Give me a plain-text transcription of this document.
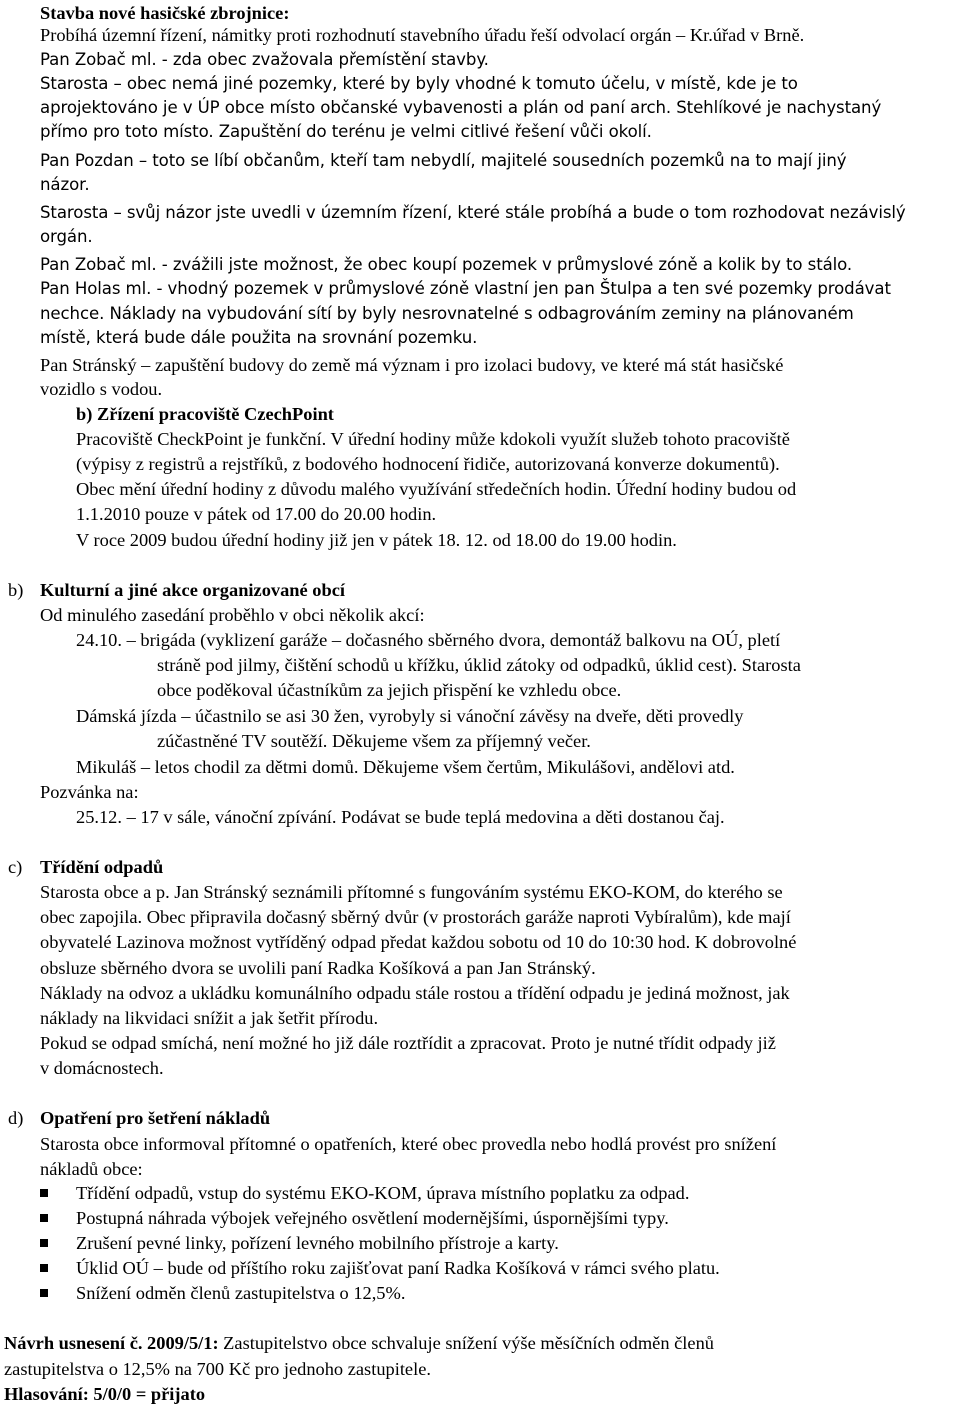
Stavba nové hasičské zbrojnice:
Probíhá územní řízení, námitky proti rozhodnutí stavebního úřadu řeší odvolací orgán – Kr.úřad v Brně.
Pan Zobač ml. - zda obec zvažovala přemístění stavby.
Starosta – obec nemá jiné pozemky, které by byly vhodné k tomuto účelu, v místě, kde je to
aprojektováno je v ÚP obce místo občanské vybavenosti a plán od paní arch. Stehlíkové je nachystaný
přímo pro toto místo. Zapuštění do terénu je velmi citlivé řešení vůči okolí.
Pan Pozdan – toto se líbí občanům, kteří tam nebydlí, majitelé sousedních pozemků na to mají jiný
názor.
Starosta – svůj názor jste uvedli v územním řízení, které stále probíhá a bude o tom rozhodovat nezávislý
orgán.
Pan Zobač ml. - zvážili jste možnost, že obec koupí pozemek v průmyslové zóně a kolik by to stálo.
Pan Holas ml. - vhodný pozemek v průmyslové zóně vlastní jen pan Štulpa a ten své pozemky prodávat
nechce. Náklady na vybudování sítí by byly nesrovnatelné s odbagrováním zeminy na plánovaném
místě, která bude dále použita na srovnání pozemku.
Pan Stránský – zapuštění budovy do země má význam i pro izolaci budovy, ve které má stát hasičské
vozidlo s vodou.
b) Zřízení pracoviště CzechPoint
Pracoviště CheckPoint je funkční. V úřední hodiny může kdokoli využít služeb tohoto pracoviště
(výpisy z registrů a rejstříků, z bodového hodnocení řidiče, autorizovaná konverze dokumentů).
Obec mění úřední hodiny z důvodu malého využívání středečních hodin. Úřední hodiny budou od
1.1.2010 pouze v pátek od 17.00 do 20.00 hodin.
V roce 2009 budou úřední hodiny již jen v pátek 18. 12. od 18.00 do 19.00 hodin.
b) Kulturní a jiné akce organizované obcí
Od minulého zasedání proběhlo v obci několik akcí:
24.10. – brigáda (vyklizení garáže – dočasného sběrného dvora, demontáž balkovu na OÚ, pletí
stráně pod jilmy, čištění schodů u křížku, úklid zátoky od odpadků, úklid cest). Starosta
obce poděkoval účastníkům za jejich přispění ke vzhledu obce.
Dámská jízda – účastnilo se asi 30 žen, vyrobyly si vánoční závěsy na dveře, děti provedly
zúčastněné TV soutěží. Děkujeme všem za příjemný večer.
Mikuláš – letos chodil za dětmi domů. Děkujeme všem čertům, Mikulášovi, andělovi atd.
Pozvánka na:
25.12. – 17 v sále, vánoční zpívání. Podávat se bude teplá medovina a děti dostanou čaj.
c) Třídění odpadů
Starosta obce a p. Jan Stránský seznámili přítomné s fungováním systému EKO-KOM, do kterého se
obec zapojila. Obec připravila dočasný sběrný dvůr (v prostorách garáže naproti Vybíralům), kde mají
obyvatelé Lazinova možnost vytříděný odpad předat každou sobotu od 10 do 10:30 hod. K dobrovolné
obsluze sběrného dvora se uvolili paní Radka Košíková a pan Jan Stránský.
Náklady na odvoz a ukládku komunálního odpadu stále rostou a třídění odpadu je jediná možnost, jak
náklady na likvidaci snížit a jak šetřit přírodu.
Pokud se odpad smíchá, není možné ho již dále roztřídit a zpracovat. Proto je nutné třídit odpady již
v domácnostech.
d) Opatření pro šetření nákladů
Starosta obce informoval přítomné o opatřeních, které obec provedla nebo hodlá provést pro snížení
nákladů obce:
Třídění odpadů, vstup do systému EKO-KOM, úprava místního poplatku za odpad.
Postupná náhrada výbojek veřejného osvětlení modernějšími, úspornějšími typy.
Zrušení pevné linky, pořízení levného mobilního přístroje a karty.
Úklid OÚ – bude od příštího roku zajišťovat paní Radka Košíková v rámci svého platu.
Snížení odměn členů zastupitelstva o 12,5%.
Návrh usnesení č. 2009/5/1: Zastupitelstvo obce schvaluje snížení výše měsíčních odměn členů
zastupitelstva o 12,5% na 700 Kč pro jednoho zastupitele.
Hlasování: 5/0/0 = přijato
